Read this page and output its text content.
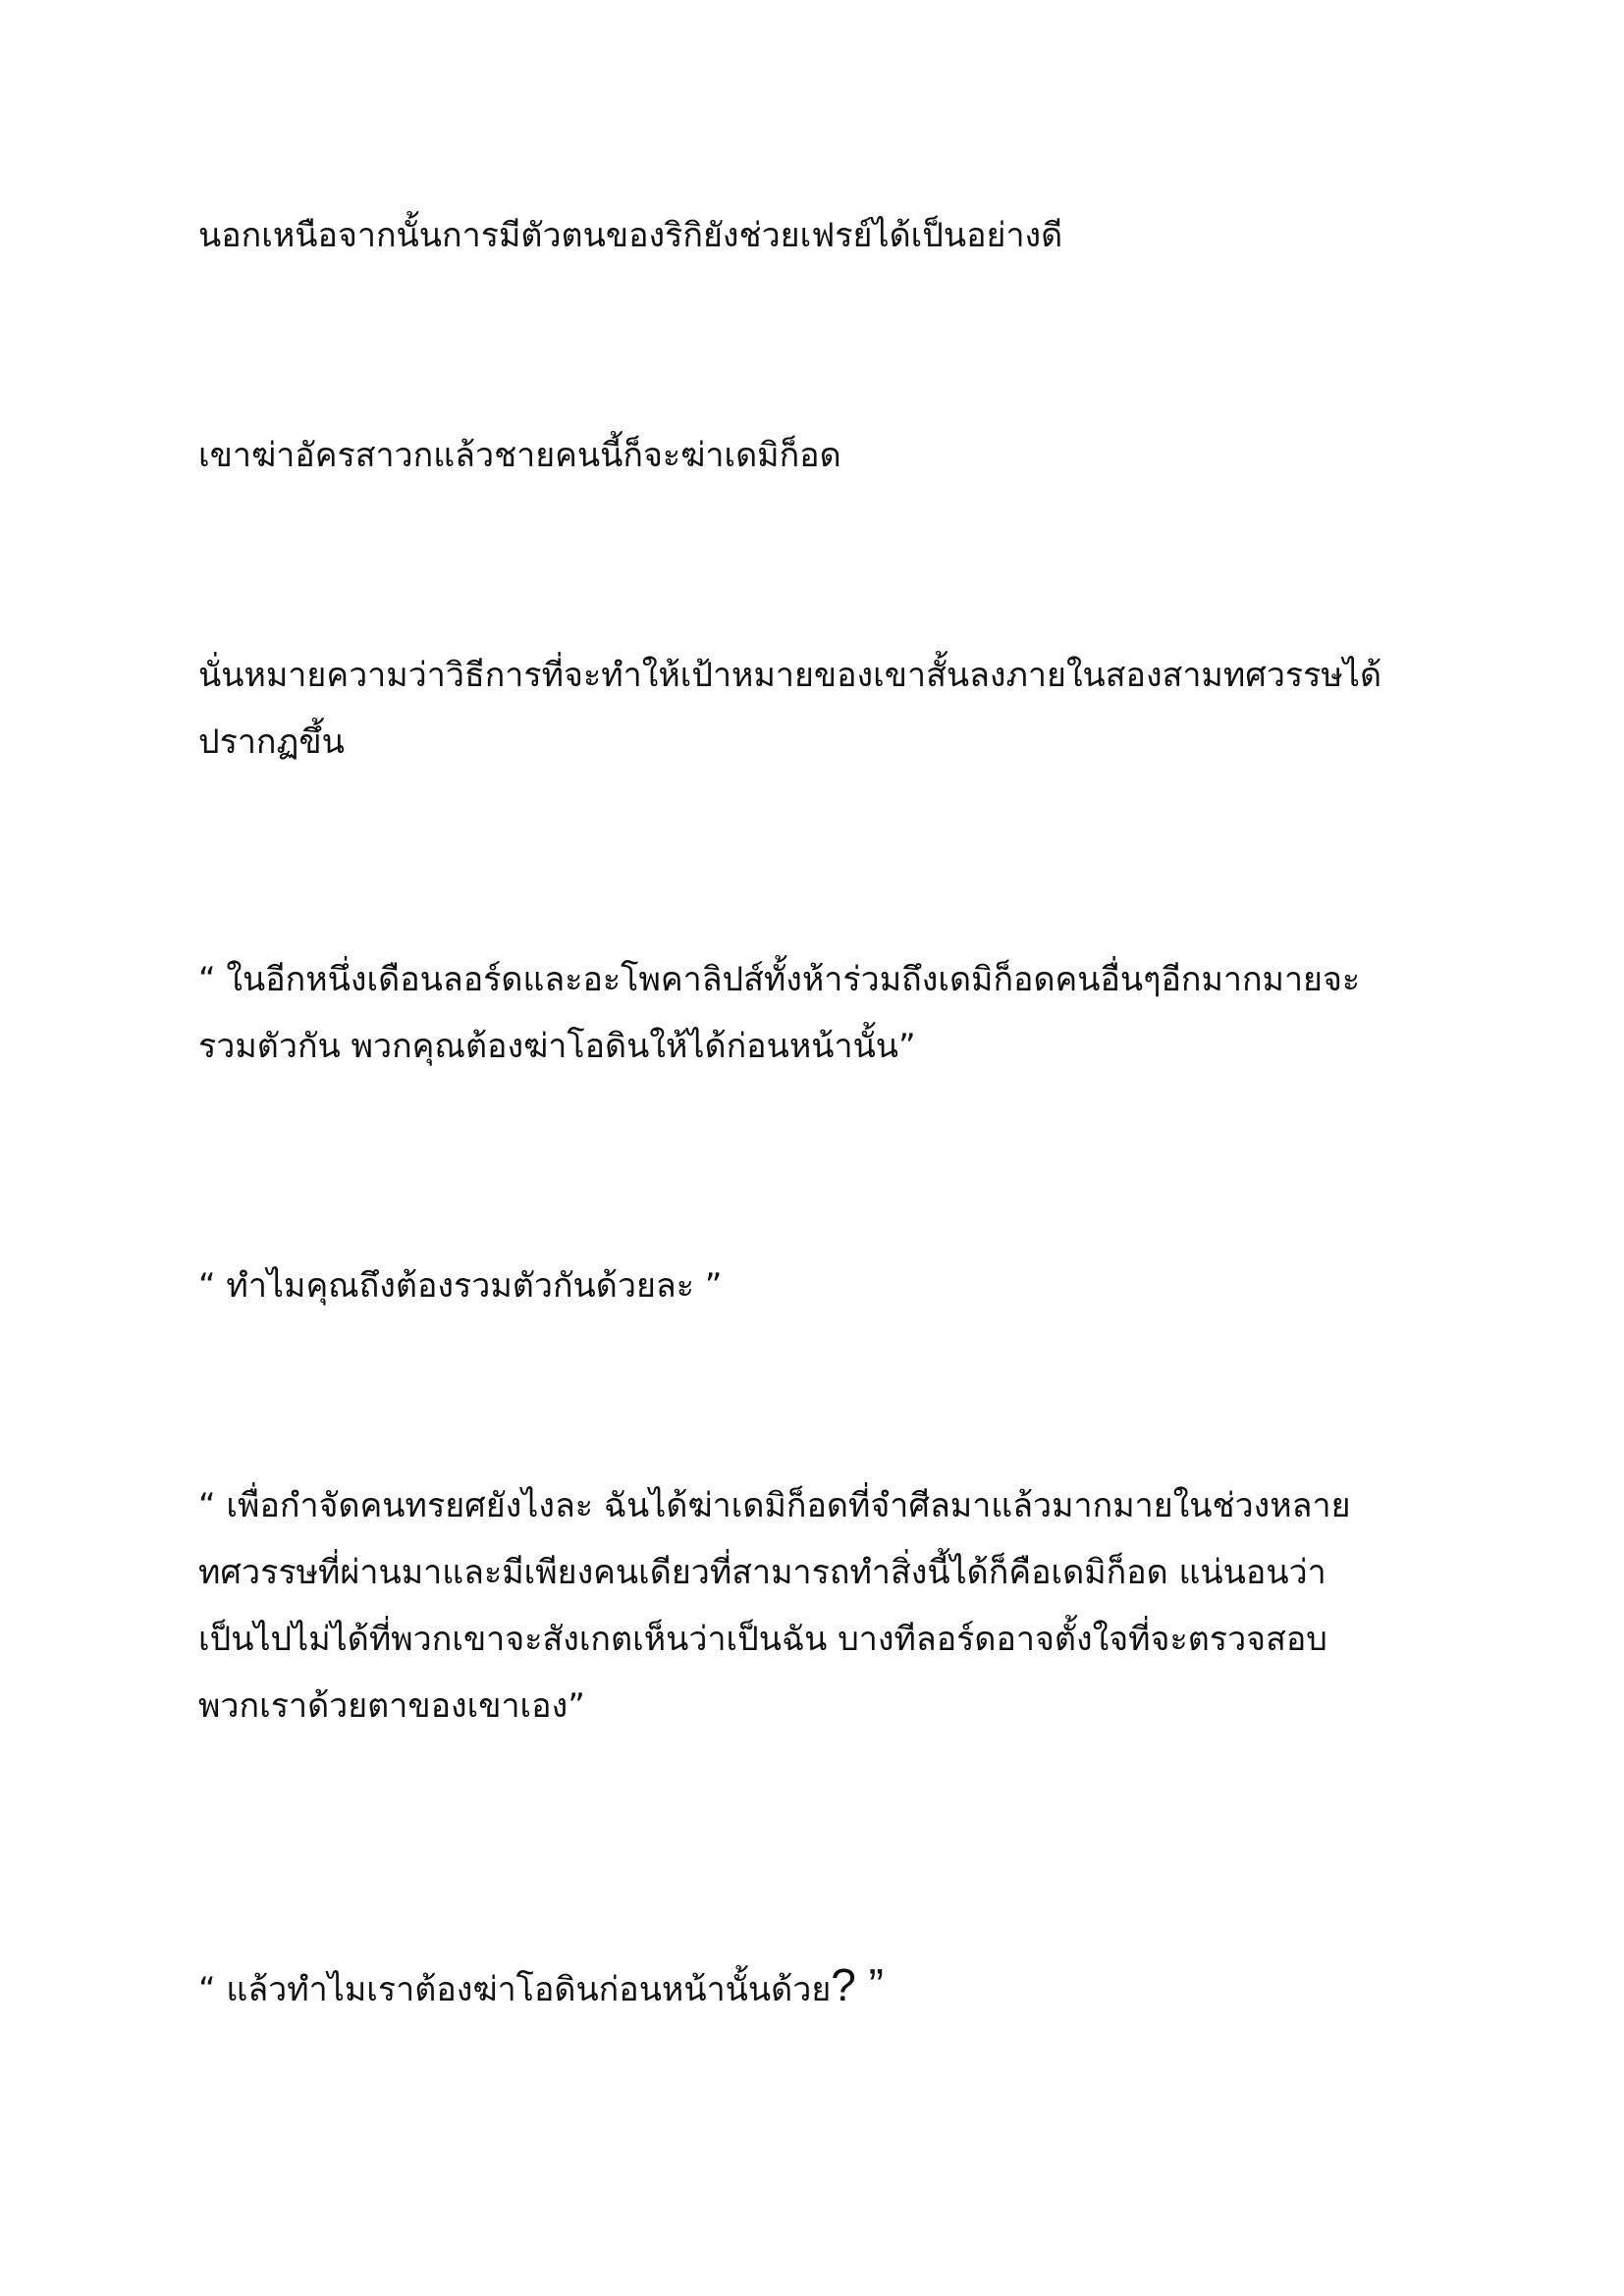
นอกเหนือจากนั้นการมีตัวตนของริกิยังช่วยเฟรย์ได้เป็นอย่างดี

เขาฆ่าอัครสาวกแล้วชายคนนี้ก็จะฆ่าเดมิก็อด

นั่นหมายความว่าวิธีการที่จะทำให้เป้าหมายของเขาสั้นลงภายในสองสามทศวรรษได้
ปรากฏขึ้น

“ ในอีกหนึ่งเดือนลอร์ดและอะโพคาลิปส์ทั้งห้าร่วมถึงเดมิก็อดคนอื่นๆอีกมากมายจะ
รวมตัวกัน พวกคุณต้องฆ่าโอดินให้ได้ก่อนหน้านั้น”

“ ทำไมคุณถึงต้องรวมตัวกันด้วยละ ”

“ เพื่อกำจัดคนทรยศยังไงละ ฉันได้ฆ่าเดมิก็อดที่จำศีลมาแล้วมากมายในช่วงหลาย
ทศวรรษที่ผ่านมาและมีเพียงคนเดียวที่สามารถทำสิ่งนี้ได้ก็คือเดมิก็อด แน่นอนว่า
เป็นไปไม่ได้ที่พวกเขาจะสังเกตเห็นว่าเป็นฉัน บางทีลอร์ดอาจตั้งใจที่จะตรวจสอบ
พวกเราด้วยตาของเขาเอง”

“ แล้วทำไมเราต้องฆ่าโอดินก่อนหน้านั้นด้วย? ”
